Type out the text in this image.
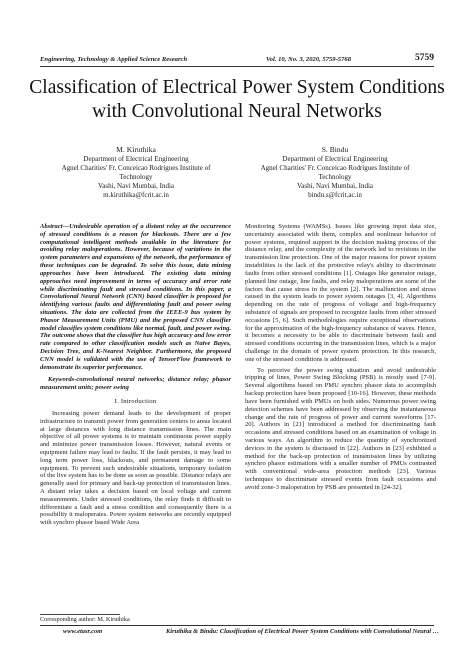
Engineering, Technology & Applied Science Research	Vol. 10, No. 3, 2020, 5759-5768	5759
Classification of Electrical Power System Conditions
with Convolutional Neural Networks
M. Kiruthika
Department of Electrical Engineering
Agnel Charities' Fr. Conceicao Rodrigues Institute of
Technology
Vashi, Navi Mumbai, India
m.kiruthika@fcrit.ac.in
S. Bindu
Department of Electrical Engineering
Agnel Charities' Fr. Conceicao Rodrigues Institute of
Technology
Vashi, Navi Mumbai, India
bindu.s@fcrit.ac.in

Abstract—Undesirable operation of a distant relay at the occurrence of stressed conditions is a reason for blackouts. There are a few computational intelligent methods available in the literature for avoiding relay maloperations. However, because of variations in the system parameters and expansions of the network, the performance of these techniques can be degraded. To solve this issue, data mining approaches have been introduced. The existing data mining approaches need improvement in terms of accuracy and error rate while discriminating fault and stressed conditions. In this paper, a Convolutional Neural Network (CNN) based classifier is proposed for identifying various faults and differentiating fault and power swing situations. The data are collected from the IEEE-9 bus system by Phasor Measurement Units (PMU) and the proposed CNN classifier model classifies system conditions like normal, fault, and power swing. The outcome shows that the classifier has high accuracy and low error rate compared to other classification models such as Naïve Bayes, Decision Tree, and K-Nearest Neighbor. Furthermore, the proposed CNN model is validated with the use of TensorFlow framework to demonstrate its superior performance.

Keywords-convolutional neural networks; distance relay; phasor measurement units; power swing

I. Introduction

Increasing power demand leads to the development of proper infrastructure to transmit power from generation centers to areas located at large distances with long distance transmission lines. The main objective of all power systems is to maintain continuous power supply and minimize power transmission losses. However, natural events or equipment failure may lead to faults. If the fault persists, it may lead to long term power loss, blackouts, and permanent damage to some equipment. To prevent such undesirable situations, temporary isolation of the live system has to be done as soon as possible. Distance relays are generally used for primary and back-up protection of transmission lines. A distant relay takes a decision based on local voltage and current measurements. Under stressed conditions, the relay finds it difficult to differentiate a fault and a stress condition and consequently there is a possibility it maloperates. Power system networks are recently equipped with synchro phasor based Wide Area

Monitoring Systems (WAMSs). Issues like growing input data size, uncertainty associated with them, complex and nonlinear behavior of power systems, required support in the decision making process of the distance relay, and the complexity of the network led to revisions in the transmission line protection. One of the major reasons for power system instabilities is the lack of the protective relay's ability to discriminate faults from other stressed conditions [1]. Outages like generator outage, planned line outage, line faults, and relay maloperations are some of the factors that cause stress in the system [2]. The malfunction and stress caused in the system leads to power system outages [3, 4]. Algorithms depending on the rate of progress of voltage and high-frequency substance of signals are proposed to recognize faults from other stressed occasions [5, 6]. Such methodologies require exceptional observations for the approximation of the high-frequency substance of waves. Hence, it becomes a necessity to be able to discriminate between fault and stressed conditions occurring in the transmission lines, which is a major challenge in the domain of power system protection. In this research, one of the stressed conditions is addressed.

To perceive the power swing situation and avoid undesirable tripping of lines, Power Swing Blocking (PSB) is mostly used [7-9]. Several algorithms based on PMU synchro phasor data to accomplish backup protection have been proposed [10-16]. However, these methods have been furnished with PMUs on both sides. Numerous power swing detection schemes have been addressed by observing the instantaneous change and the rate of progress of power and current waveforms [17-20]. Authors in [21] introduced a method for discriminating fault occasions and stressed conditions based on an examination of voltage in various ways. An algorithm to reduce the quantity of synchronized devices in the system is discussed in [22]. Authors in [23] exhibited a method for the back-up protection of transmission lines by utilizing synchro phasor estimations with a smaller number of PMUs contrasted with conventional wide-area protection methods [23]. Various techniques to discriminate stressed events from fault occasions and avoid zone-3 maloperation by PSB are presented in [24-32].

Corresponding author: M. Kiruthika
www.etasr.com	Kiruthika & Bindu: Classification of Electrical Power System Conditions with Convolutional Neural …
